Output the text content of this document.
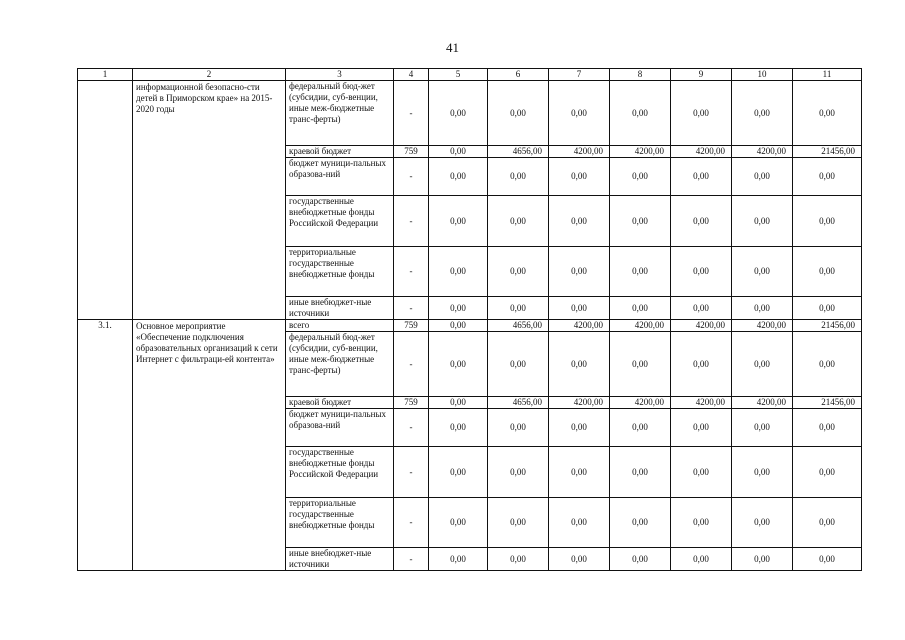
41
1	2	3	4	5	6	7	8	9	10	11
	информационной безопасно-сти детей в Приморском крае» на 2015-2020 годы	федеральный бюд-жет (субсидии, суб-венции, иные меж-бюджетные транс-ферты)	-	0,00	0,00	0,00	0,00	0,00	0,00	0,00
		краевой бюджет	759	0,00	4656,00	4200,00	4200,00	4200,00	4200,00	21456,00
		бюджет муници-пальных образова-ний	-	0,00	0,00	0,00	0,00	0,00	0,00	0,00
		государственные внебюджетные фонды Российской Федерации	-	0,00	0,00	0,00	0,00	0,00	0,00	0,00
		территориальные государственные внебюджетные фонды	-	0,00	0,00	0,00	0,00	0,00	0,00	0,00
		иные внебюджет-ные источники	-	0,00	0,00	0,00	0,00	0,00	0,00	0,00
3.1.	Основное мероприятие «Обеспечение подключения образовательных организаций к сети Интернет с фильтраци-ей контента»	всего	759	0,00	4656,00	4200,00	4200,00	4200,00	4200,00	21456,00
		федеральный бюд-жет (субсидии, суб-венции, иные меж-бюджетные транс-ферты)	-	0,00	0,00	0,00	0,00	0,00	0,00	0,00
		краевой бюджет	759	0,00	4656,00	4200,00	4200,00	4200,00	4200,00	21456,00
		бюджет муници-пальных образова-ний	-	0,00	0,00	0,00	0,00	0,00	0,00	0,00
		государственные внебюджетные фонды Российской Федерации	-	0,00	0,00	0,00	0,00	0,00	0,00	0,00
		территориальные государственные внебюджетные фонды	-	0,00	0,00	0,00	0,00	0,00	0,00	0,00
		иные внебюджет-ные источники	-	0,00	0,00	0,00	0,00	0,00	0,00	0,00
